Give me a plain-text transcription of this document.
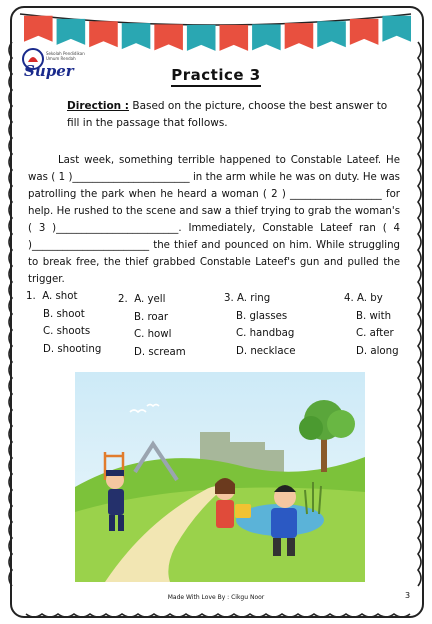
Sekolah Pendidikan Umum Rendah
Super	Practice 3
Direction : Based on the picture, choose the best answer to fill in the passage that follows.

Last week, something terrible happened to Constable Lateef. He was ( 1 )_______________________ in the arm while he was on duty. He was patrolling the park when he heard a woman ( 2 ) __________________ for help. He rushed to the scene and saw a thief trying to grab the woman's ( 3 )________________________. Immediately, Constable Lateef ran ( 4 )_______________________ the thief and pounced on him. While struggling to break free, the thief grabbed Constable Lateef's gun and pulled the trigger.

1. A. shot
B. shoot
C. shoots
D. shooting
2. A. yell
B. roar
C. howl
D. scream
3. A. ring
B. glasses
C. handbag
D. necklace
4. A. by
B. with
C. after
D. along
Made With Love By : Cikgu Noor	3
